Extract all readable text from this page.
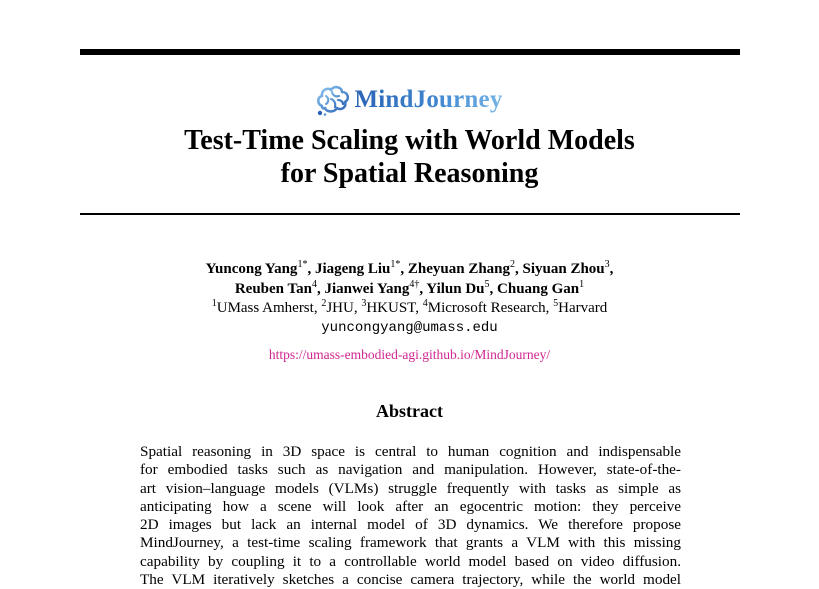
MindJourney
Test-Time Scaling with World Models
for Spatial Reasoning
Yuncong Yang$^{1*}$, Jiageng Liu$^{1*}$, Zheyuan Zhang$^2$, Siyuan Zhou$^3$,
Reuben Tan$^4$, Jianwei Yang$^{4\dagger}$, Yilun Du$^5$, Chuang Gan$^1$
$^1$UMass Amherst, $^2$JHU, $^3$HKUST, $^4$Microsoft Research, $^5$Harvard
yuncongyang@umass.edu
https://umass-embodied-agi.github.io/MindJourney/
Abstract

Spatial reasoning in 3D space is central to human cognition and indispensable
for embodied tasks such as navigation and manipulation. However, state-of-the-
art vision–language models (VLMs) struggle frequently with tasks as simple as
anticipating how a scene will look after an egocentric motion: they perceive
2D images but lack an internal model of 3D dynamics. We therefore propose
MindJourney, a test-time scaling framework that grants a VLM with this missing
capability by coupling it to a controllable world model based on video diffusion.
The VLM iteratively sketches a concise camera trajectory, while the world model
